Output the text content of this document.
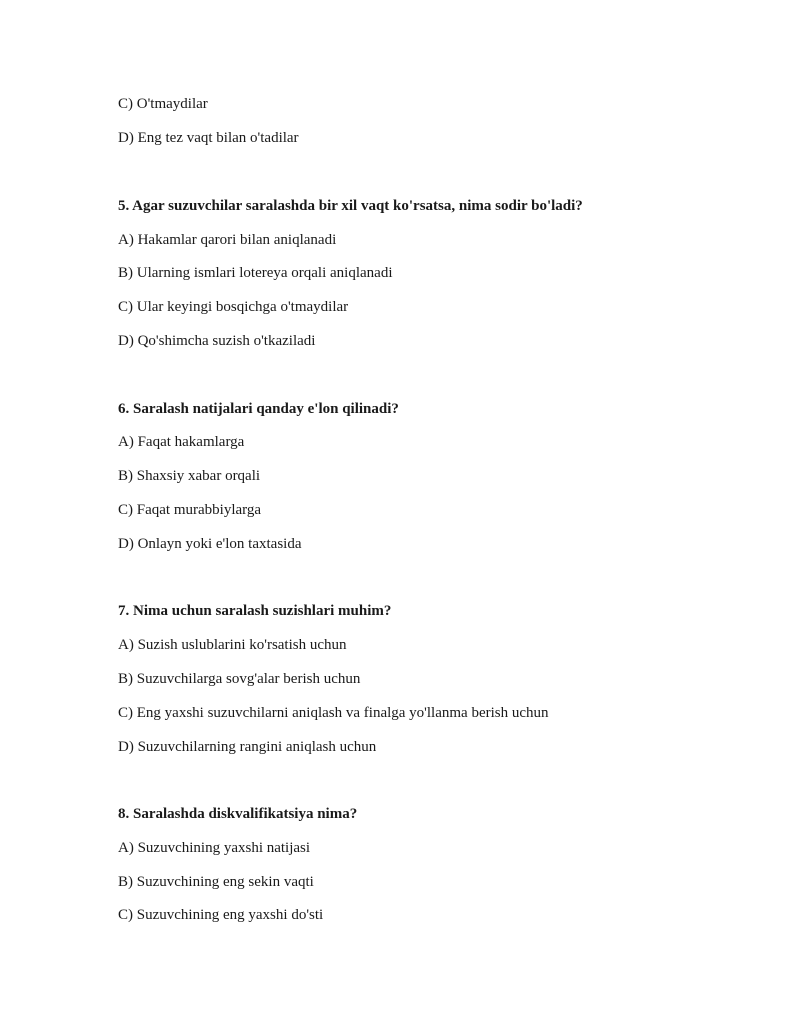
C) O'tmaydilar
D) Eng tez vaqt bilan o'tadilar
5. Agar suzuvchilar saralashda bir xil vaqt ko'rsatsa, nima sodir bo'ladi?
A) Hakamlar qarori bilan aniqlanadi
B) Ularning ismlari lotereya orqali aniqlanadi
C) Ular keyingi bosqichga o'tmaydilar
D) Qo'shimcha suzish o'tkaziladi
6. Saralash natijalari qanday e'lon qilinadi?
A) Faqat hakamlarga
B) Shaxsiy xabar orqali
C) Faqat murabbiylarga
D) Onlayn yoki e'lon taxtasida
7. Nima uchun saralash suzishlari muhim?
A) Suzish uslublarini ko'rsatish uchun
B) Suzuvchilarga sovg'alar berish uchun
C) Eng yaxshi suzuvchilarni aniqlash va finalga yo'llanma berish uchun
D) Suzuvchilarning rangini aniqlash uchun
8. Saralashda diskvalifikatsiya nima?
A) Suzuvchining yaxshi natijasi
B) Suzuvchining eng sekin vaqti
C) Suzuvchining eng yaxshi do'sti
